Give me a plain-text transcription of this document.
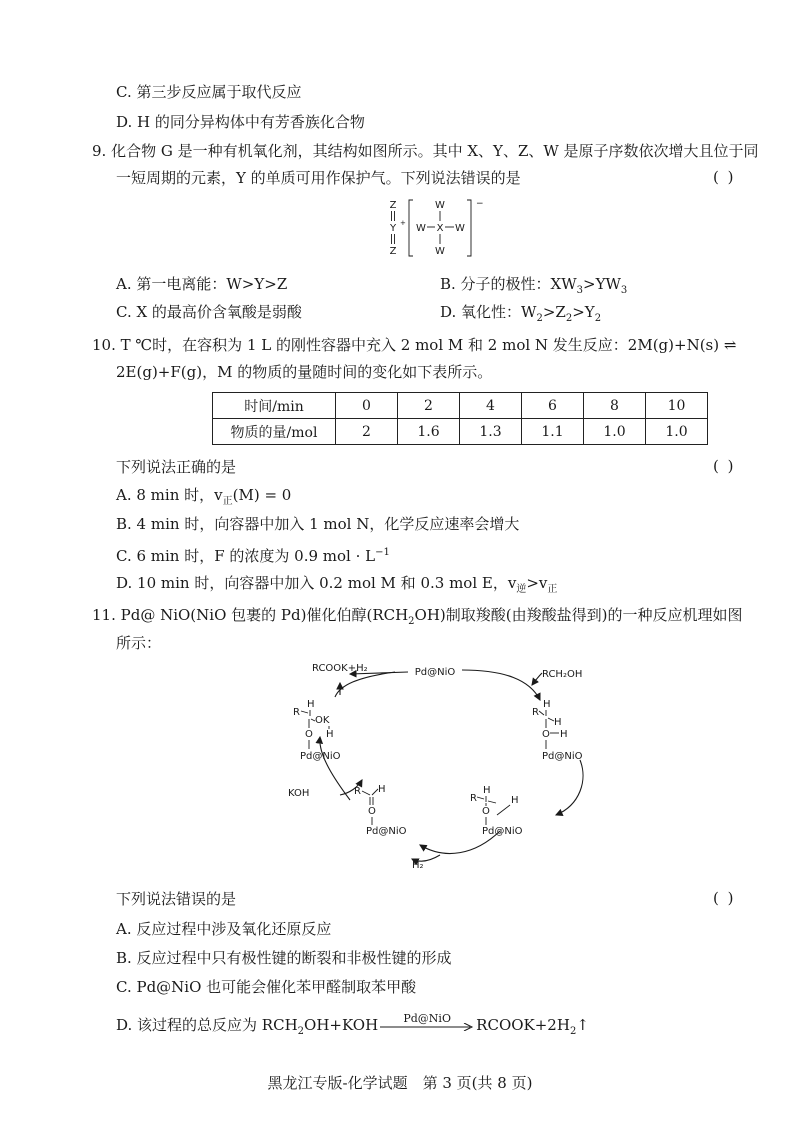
C. 第三步反应属于取代反应
D. H 的同分异构体中有芳香族化合物
9. 化合物 G 是一种有机氧化剂，其结构如图所示。其中 X、Y、Z、W 是原子序数依次增大且位于同
一短周期的元素，Y 的单质可用作保护气。下列说法错误的是	( )
Z
Y +
Z
W
W X W
W
−
A. 第一电离能：W>Y>Z	B. 分子的极性：$XW_3>YW_3$
C. X 的最高价含氧酸是弱酸	D. 氧化性：$W_2>Z_2>Y_2$
10. T ℃时，在容积为 1 L 的刚性容器中充入 2 mol M 和 2 mol N 发生反应：2M(g)+N(s) ⇌
2E(g)+F(g)，M 的物质的量随时间的变化如下表所示。
时间/min	0	2	4	6	8	10
物质的量/mol	2	1.6	1.3	1.1	1.0	1.0
下列说法正确的是	( )
A. 8 min 时，$v_正(M) = 0$
B. 4 min 时，向容器中加入 1 mol N，化学反应速率会增大
C. 6 min 时，F 的浓度为 0.9 mol · $L^{-1}$
D. 10 min 时，向容器中加入 0.2 mol M 和 0.3 mol E，$v_逆>v_正$
11. Pd@ NiO(NiO 包裹的 Pd)催化伯醇$(RCH_2OH)$制取羧酸(由羧酸盐得到)的一种反应机理如图
所示：
RCOOK+H₂	Pd@NiO	RCH₂OH
R
H
OK
O H
Pd@NiO
R
H
H
O H
Pd@NiO
KOH	R H
O
Pd@NiO
R
H
H
O
Pd@NiO
H₂
下列说法错误的是	( )
A. 反应过程中涉及氧化还原反应
B. 反应过程中只有极性键的断裂和非极性键的形成
C. Pd@NiO 也可能会催化苯甲醛制取苯甲酸
D. 该过程的总反应为 $RCH_2OH+KOH$	Pd@NiO	$RCOOK+2H_2↑$
黑龙江专版-化学试题　第 3 页(共 8 页)
